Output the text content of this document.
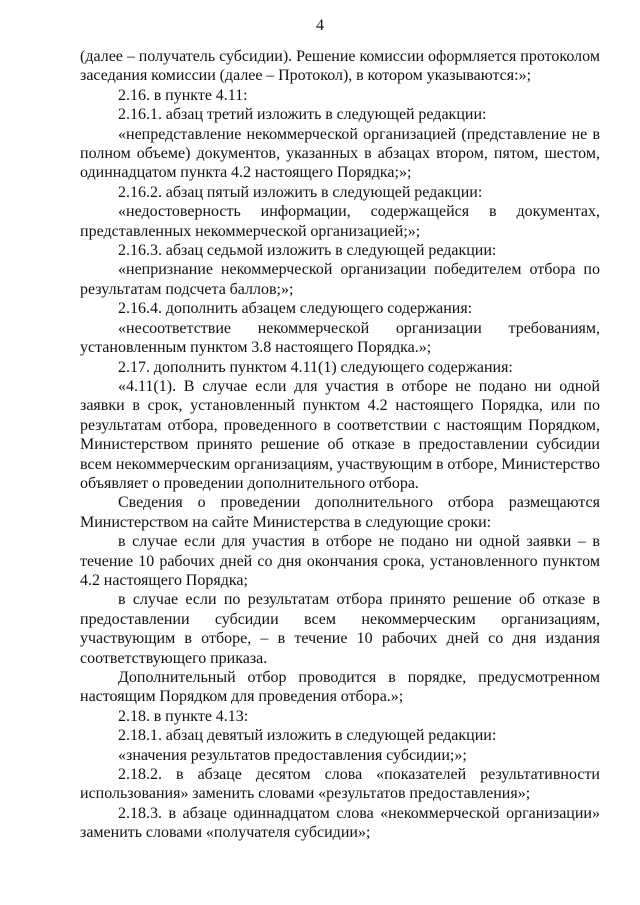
4

(далее – получатель субсидии). Решение комиссии оформляется протоколом заседания комиссии (далее – Протокол), в котором указываются:»;

2.16. в пункте 4.11:

2.16.1. абзац третий изложить в следующей редакции:

«непредставление некоммерческой организацией (представление не в полном объеме) документов, указанных в абзацах втором, пятом, шестом, одиннадцатом пункта 4.2 настоящего Порядка;»;

2.16.2. абзац пятый изложить в следующей редакции:

«недостоверность информации, содержащейся в документах, представленных некоммерческой организацией;»;

2.16.3. абзац седьмой изложить в следующей редакции:

«непризнание некоммерческой организации победителем отбора по результатам подсчета баллов;»;

2.16.4. дополнить абзацем следующего содержания:

«несоответствие некоммерческой организации требованиям, установленным пунктом 3.8 настоящего Порядка.»;

2.17. дополнить пунктом 4.11(1) следующего содержания:

«4.11(1). В случае если для участия в отборе не подано ни одной заявки в срок, установленный пунктом 4.2 настоящего Порядка, или по результатам отбора, проведенного в соответствии с настоящим Порядком, Министерством принято решение об отказе в предоставлении субсидии всем некоммерческим организациям, участвующим в отборе, Министерство объявляет о проведении дополнительного отбора.

Сведения о проведении дополнительного отбора размещаются Министерством на сайте Министерства в следующие сроки:

в случае если для участия в отборе не подано ни одной заявки – в течение 10 рабочих дней со дня окончания срока, установленного пунктом 4.2 настоящего Порядка;

в случае если по результатам отбора принято решение об отказе в предоставлении субсидии всем некоммерческим организациям, участвующим в отборе, – в течение 10 рабочих дней со дня издания соответствующего приказа.

Дополнительный отбор проводится в порядке, предусмотренном настоящим Порядком для проведения отбора.»;

2.18. в пункте 4.13:

2.18.1. абзац девятый изложить в следующей редакции:

«значения результатов предоставления субсидии;»;

2.18.2. в абзаце десятом слова «показателей результативности использования» заменить словами «результатов предоставления»;

2.18.3. в абзаце одиннадцатом слова «некоммерческой организации» заменить словами «получателя субсидии»;
